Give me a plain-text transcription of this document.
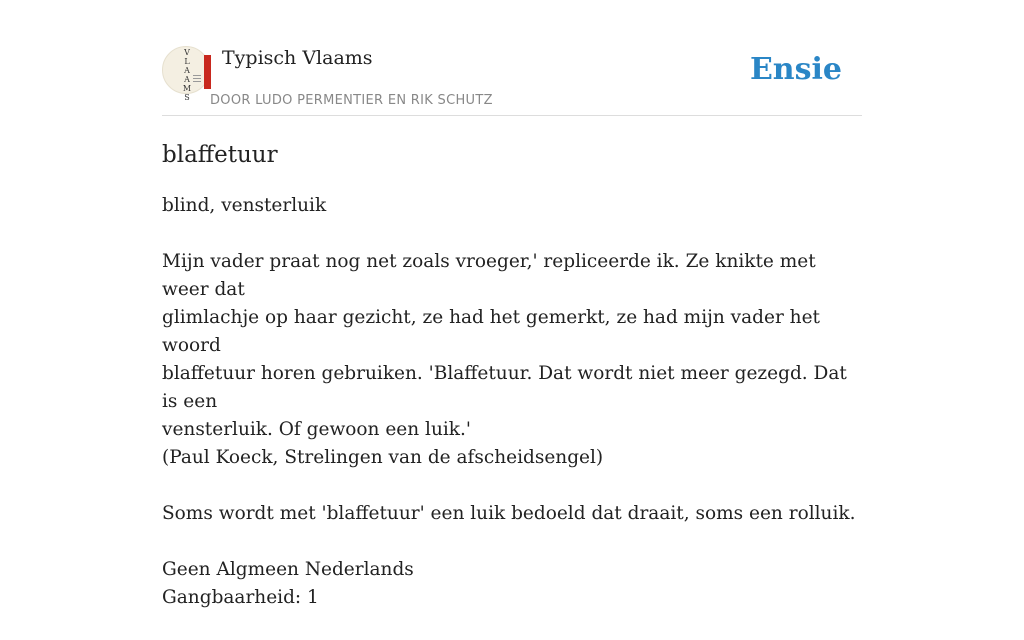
V
L
A
A
M
S
Typisch Vlaams
DOOR LUDO PERMENTIER EN RIK SCHUTZ
Ensie
blaffetuur

blind, vensterluik

Mijn vader praat nog net zoals vroeger,' repliceerde ik. Ze knikte met weer dat
glimlachje op haar gezicht, ze had het gemerkt, ze had mijn vader het woord
blaffetuur horen gebruiken. 'Blaffetuur. Dat wordt niet meer gezegd. Dat is een
vensterluik. Of gewoon een luik.'
(Paul Koeck, Strelingen van de afscheidsengel)

Soms wordt met 'blaffetuur' een luik bedoeld dat draait, soms een rolluik.

Geen Algmeen Nederlands
Gangbaarheid: 1
